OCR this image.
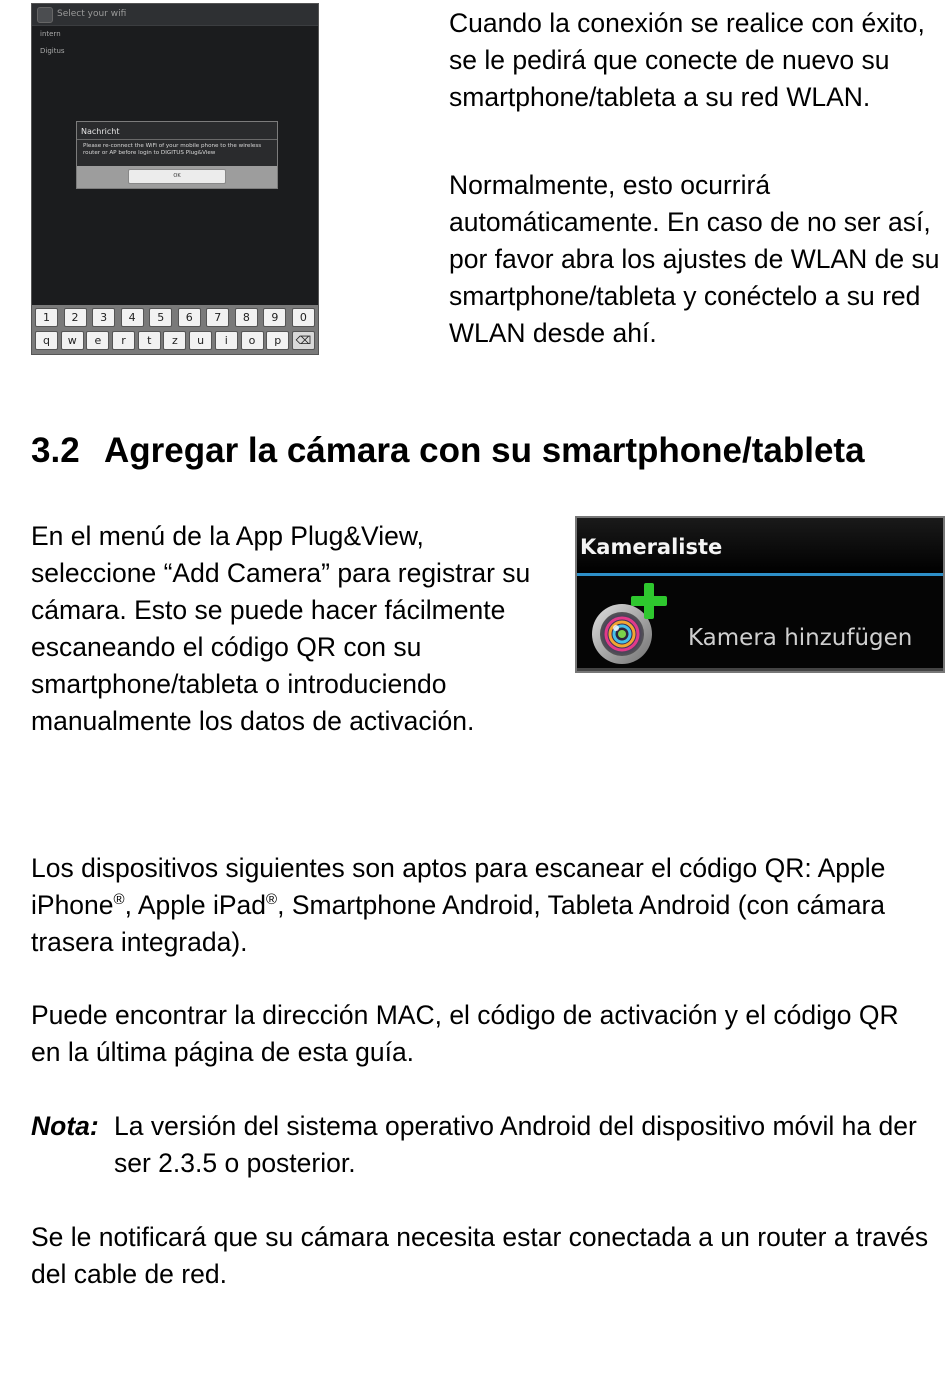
Select your wifi
intern
Digitus
Nachricht
Please re-connect the WiFi of your mobile phone to the wireless router or AP before login to DIGITUS Plug&View
OK
1	2	3	4	5	6	7	8	9	0
q	w	e	r	t	z	u	i	o	p	⌫

Cuando la conexión se realice con éxito, se le pedirá que conecte de nuevo su smartphone/tableta a su red WLAN.

Normalmente, esto ocurrirá automáticamente. En caso de no ser así, por favor abra los ajustes de WLAN de su smartphone/tableta y conéctelo a su red WLAN desde ahí.

3.2 Agregar la cámara con su smartphone/tableta

En el menú de la App Plug&View, seleccione “Add Camera” para registrar su cámara. Esto se puede hacer fácilmente escaneando el código QR con su smartphone/tableta o introduciendo manualmente los datos de activación.

Kameraliste
Kamera hinzufügen

Los dispositivos siguientes son aptos para escanear el código QR: Apple iPhone®, Apple iPad®, Smartphone Android, Tableta Android (con cámara trasera integrada).

Puede encontrar la dirección MAC, el código de activación y el código QR en la última página de esta guía.

Nota: La versión del sistema operativo Android del dispositivo móvil ha der ser 2.3.5 o posterior.

Se le notificará que su cámara necesita estar conectada a un router a través del cable de red.
